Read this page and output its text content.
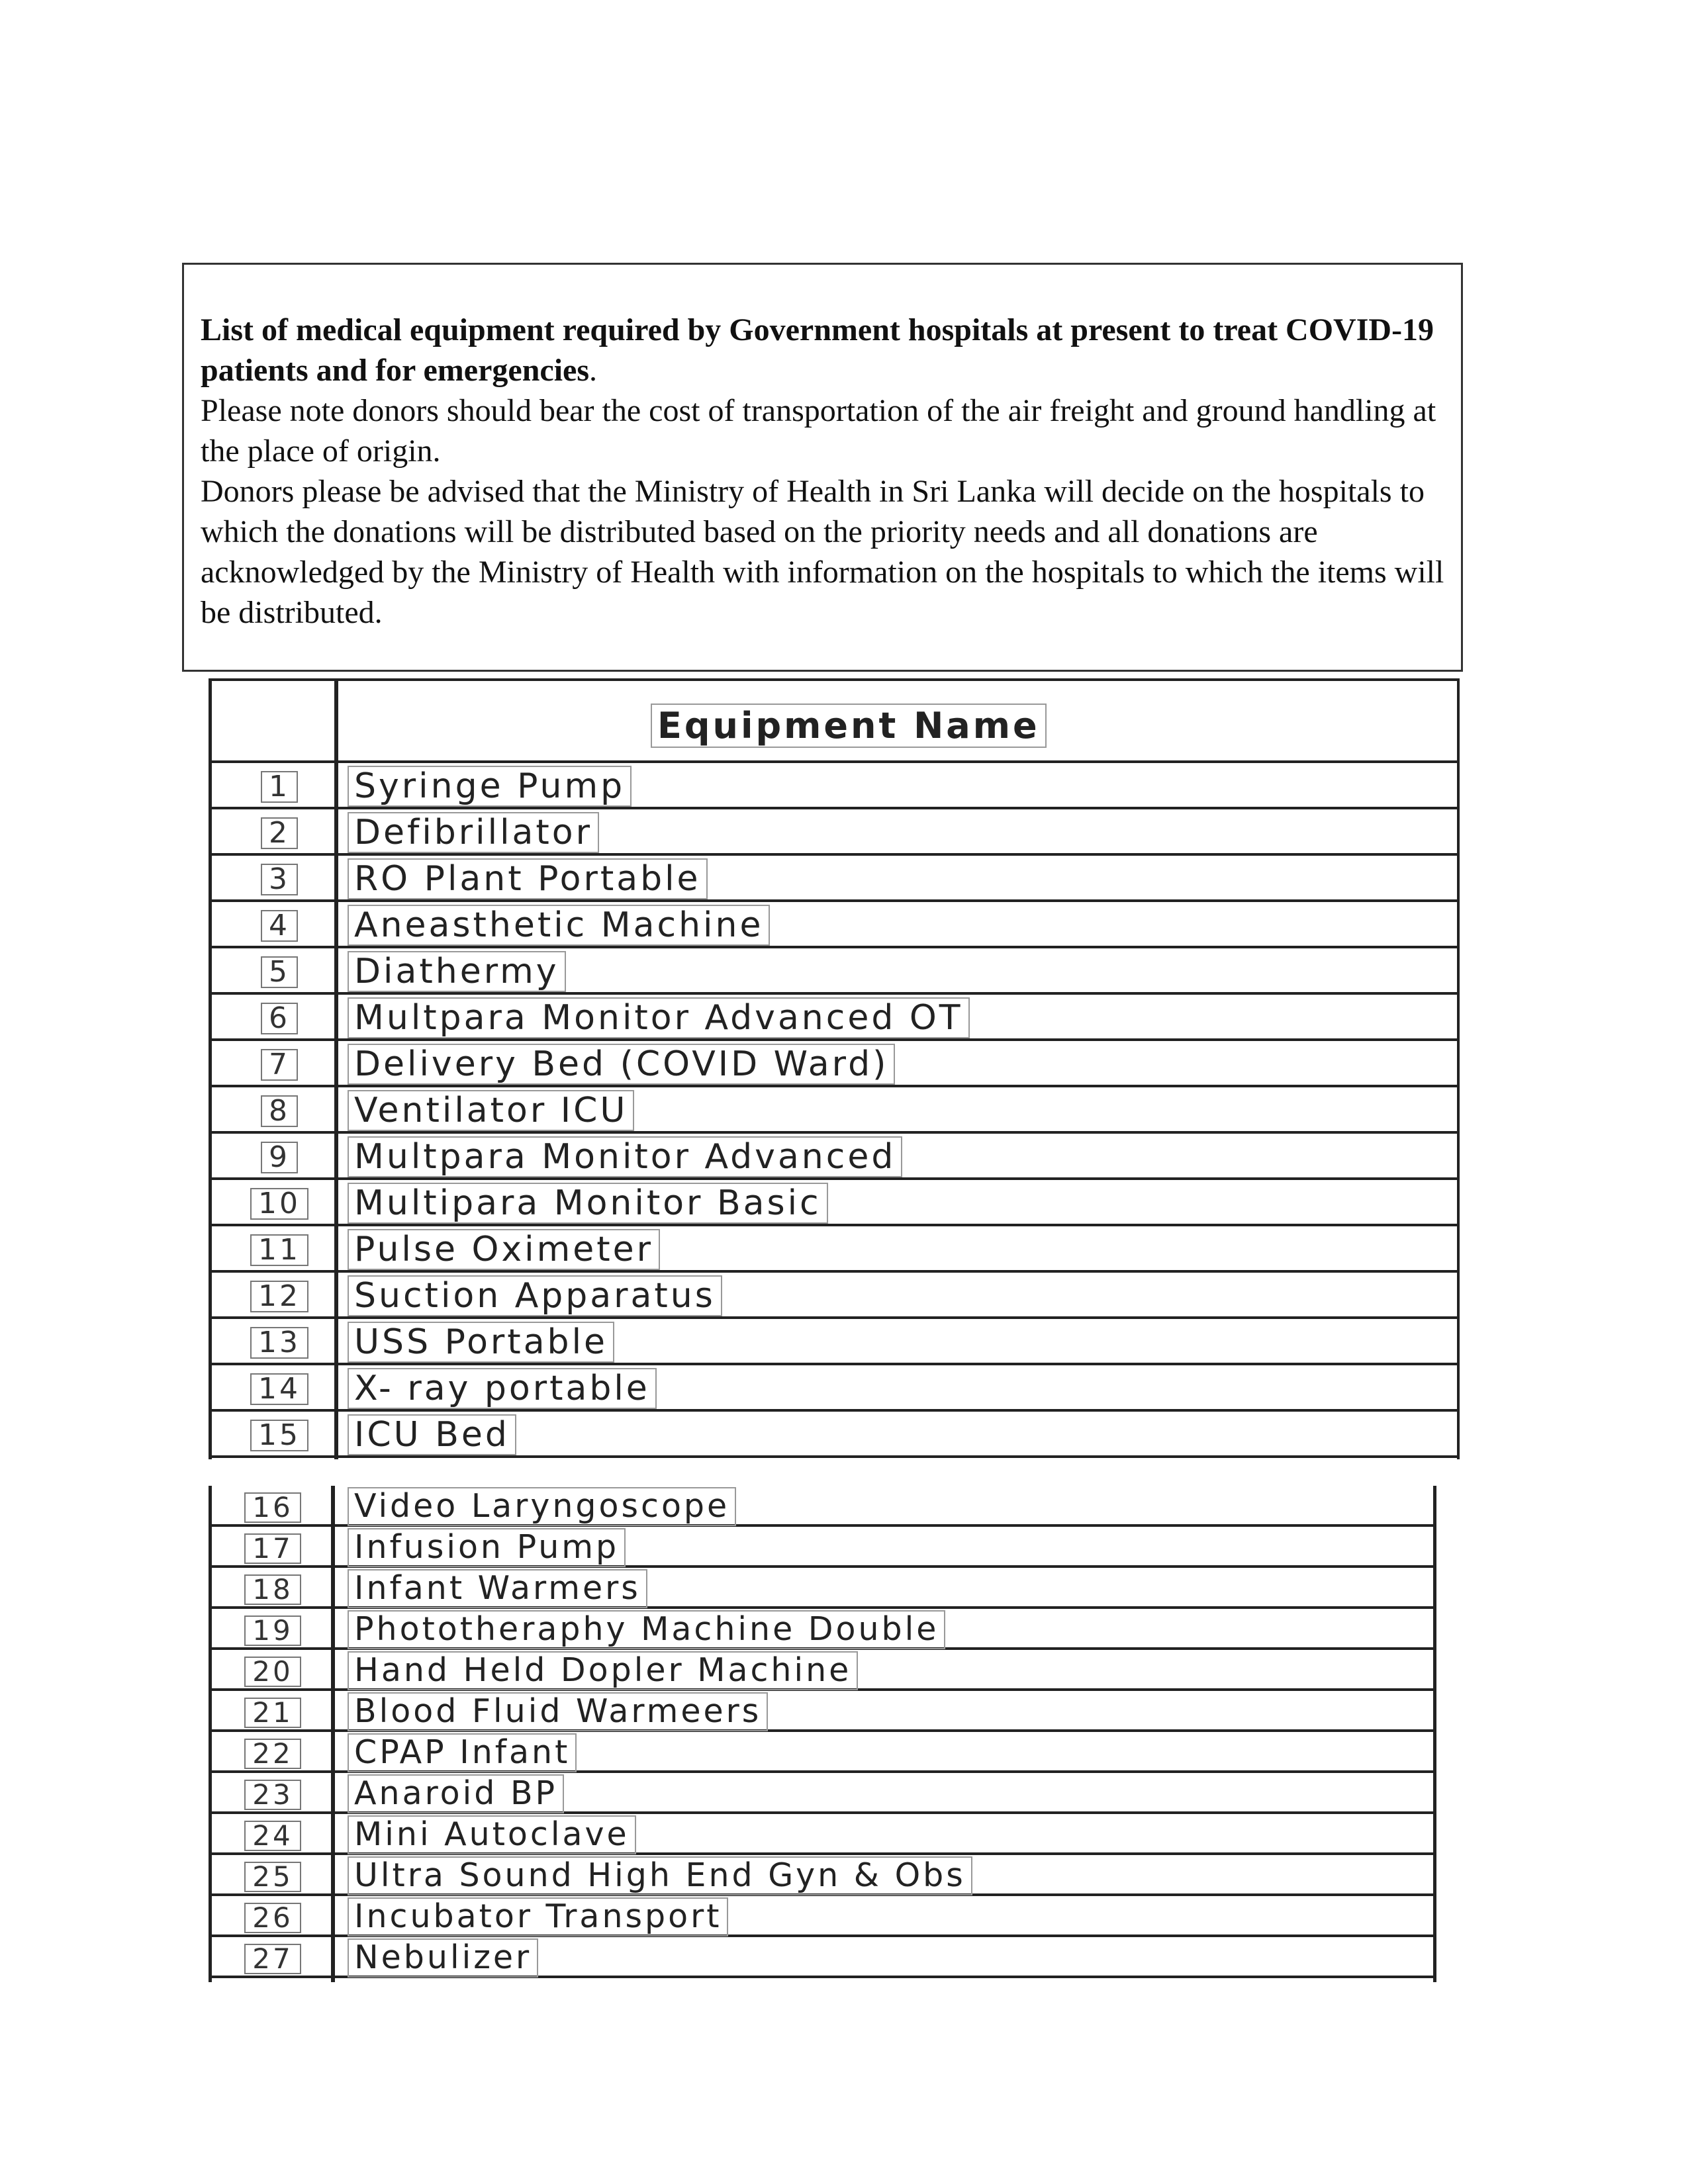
List of medical equipment required by Government hospitals at present to treat COVID-19 patients and for emergencies.

Please note donors should bear the cost of transportation of the air freight and ground handling at the place of origin.

Donors please be advised that the Ministry of Health in Sri Lanka will decide on the hospitals to which the donations will be distributed based on the priority needs and all donations are acknowledged by the Ministry of Health with information on the hospitals to which the items will be distributed.

Equipment Name
1	Syringe Pump
2	Defibrillator
3	RO Plant Portable
4	Aneasthetic Machine
5	Diathermy
6	Multpara Monitor Advanced OT
7	Delivery Bed (COVID Ward)
8	Ventilator ICU
9	Multpara Monitor Advanced
10 Multipara Monitor Basic
11 Pulse Oximeter
12 Suction Apparatus
13 USS Portable
14 X- ray portable
15 ICU Bed
16 Video Laryngoscope
17 Infusion Pump
18 Infant Warmers
19 Phototheraphy Machine Double
20 Hand Held Dopler Machine
21 Blood Fluid Warmeers
22 CPAP Infant
23 Anaroid BP
24 Mini Autoclave
25 Ultra Sound High End Gyn & Obs
26 Incubator Transport
27 Nebulizer
